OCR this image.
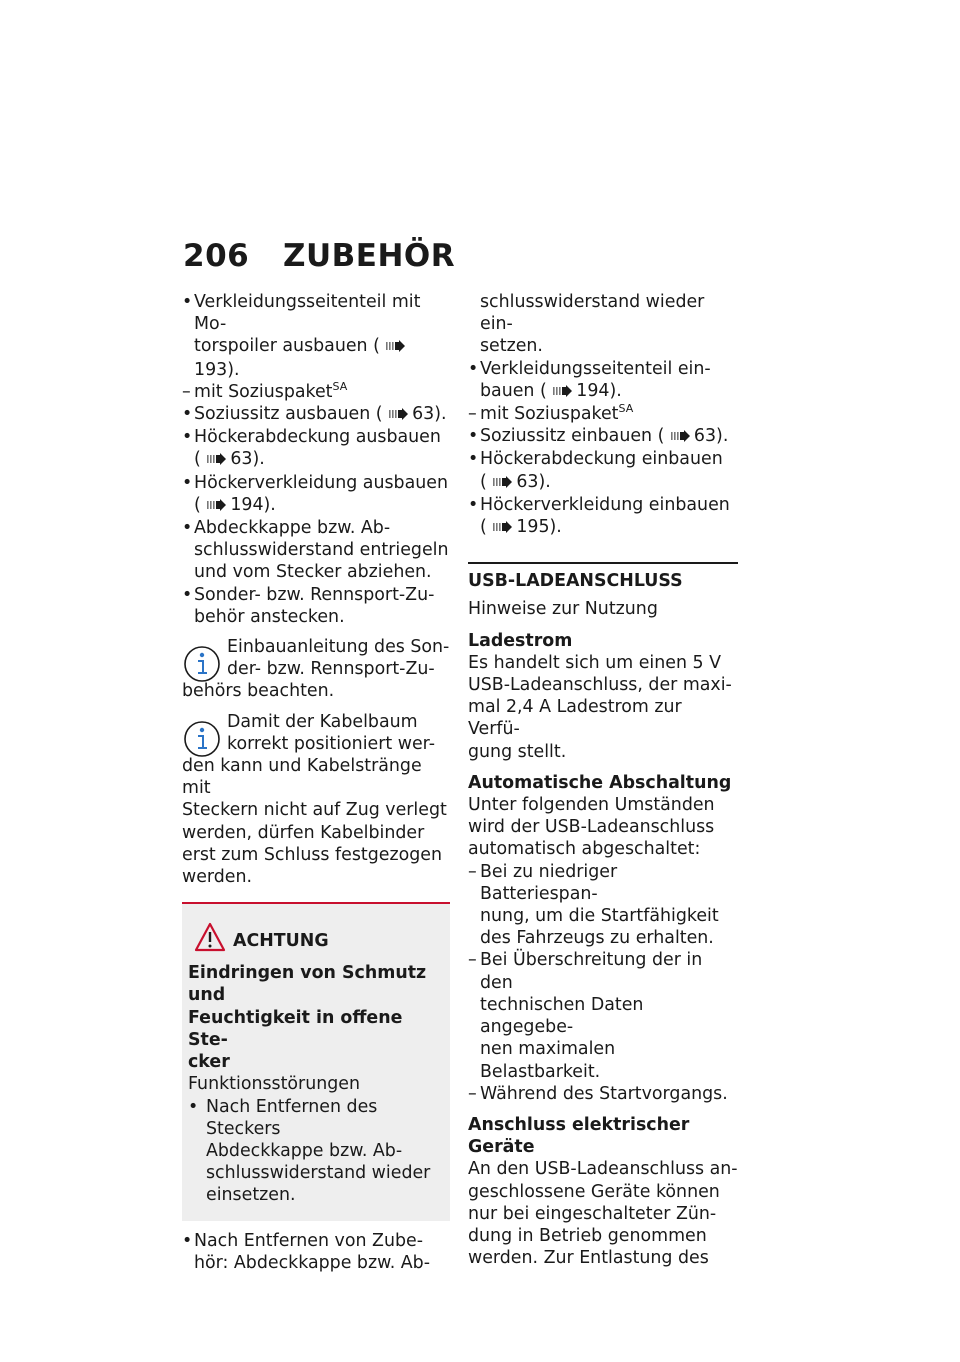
206 ZUBEHÖR
• Verkleidungsseitenteil mit Mo-
torspoiler ausbauen ( 193).
– mit Soziuspaket$^{SA}$
• Soziussitz ausbauen ( 63).
• Höckerabdeckung ausbauen
( 63).
• Höckerverkleidung ausbauen
( 194).
• Abdeckkappe bzw. Ab-
schlusswiderstand entriegeln
und vom Stecker abziehen.
• Sonder- bzw. Rennsport-Zu-
behör anstecken.
Einbauanleitung des Son-
der- bzw. Rennsport-Zu-
behörs beachten.
Damit der Kabelbaum
korrekt positioniert wer-
den kann und Kabelstränge mit
Steckern nicht auf Zug verlegt
werden, dürfen Kabelbinder
erst zum Schluss festgezogen
werden.
ACHTUNG
Eindringen von Schmutz und
Feuchtigkeit in offene Ste-
cker
Funktionsstörungen
• Nach Entfernen des Steckers
Abdeckkappe bzw. Ab-
schlusswiderstand wieder
einsetzen.
• Nach Entfernen von Zube-
hör: Abdeckkappe bzw. Ab-
schlusswiderstand wieder ein-
setzen.
• Verkleidungsseitenteil ein-
bauen ( 194).
– mit Soziuspaket$^{SA}$
• Soziussitz einbauen ( 63).
• Höckerabdeckung einbauen
( 63).
• Höckerverkleidung einbauen
( 195).
USB-LADEANSCHLUSS
Hinweise zur Nutzung
Ladestrom
Es handelt sich um einen 5 V
USB-Ladeanschluss, der maxi-
mal 2,4 A Ladestrom zur Verfü-
gung stellt.
Automatische Abschaltung
Unter folgenden Umständen
wird der USB-Ladeanschluss
automatisch abgeschaltet:
– Bei zu niedriger Batteriespan-
nung, um die Startfähigkeit
des Fahrzeugs zu erhalten.
– Bei Überschreitung der in den
technischen Daten angegebe-
nen maximalen Belastbarkeit.
– Während des Startvorgangs.
Anschluss elektrischer Geräte
An den USB-Ladeanschluss an-
geschlossene Geräte können
nur bei eingeschalteter Zün-
dung in Betrieb genommen
werden. Zur Entlastung des
